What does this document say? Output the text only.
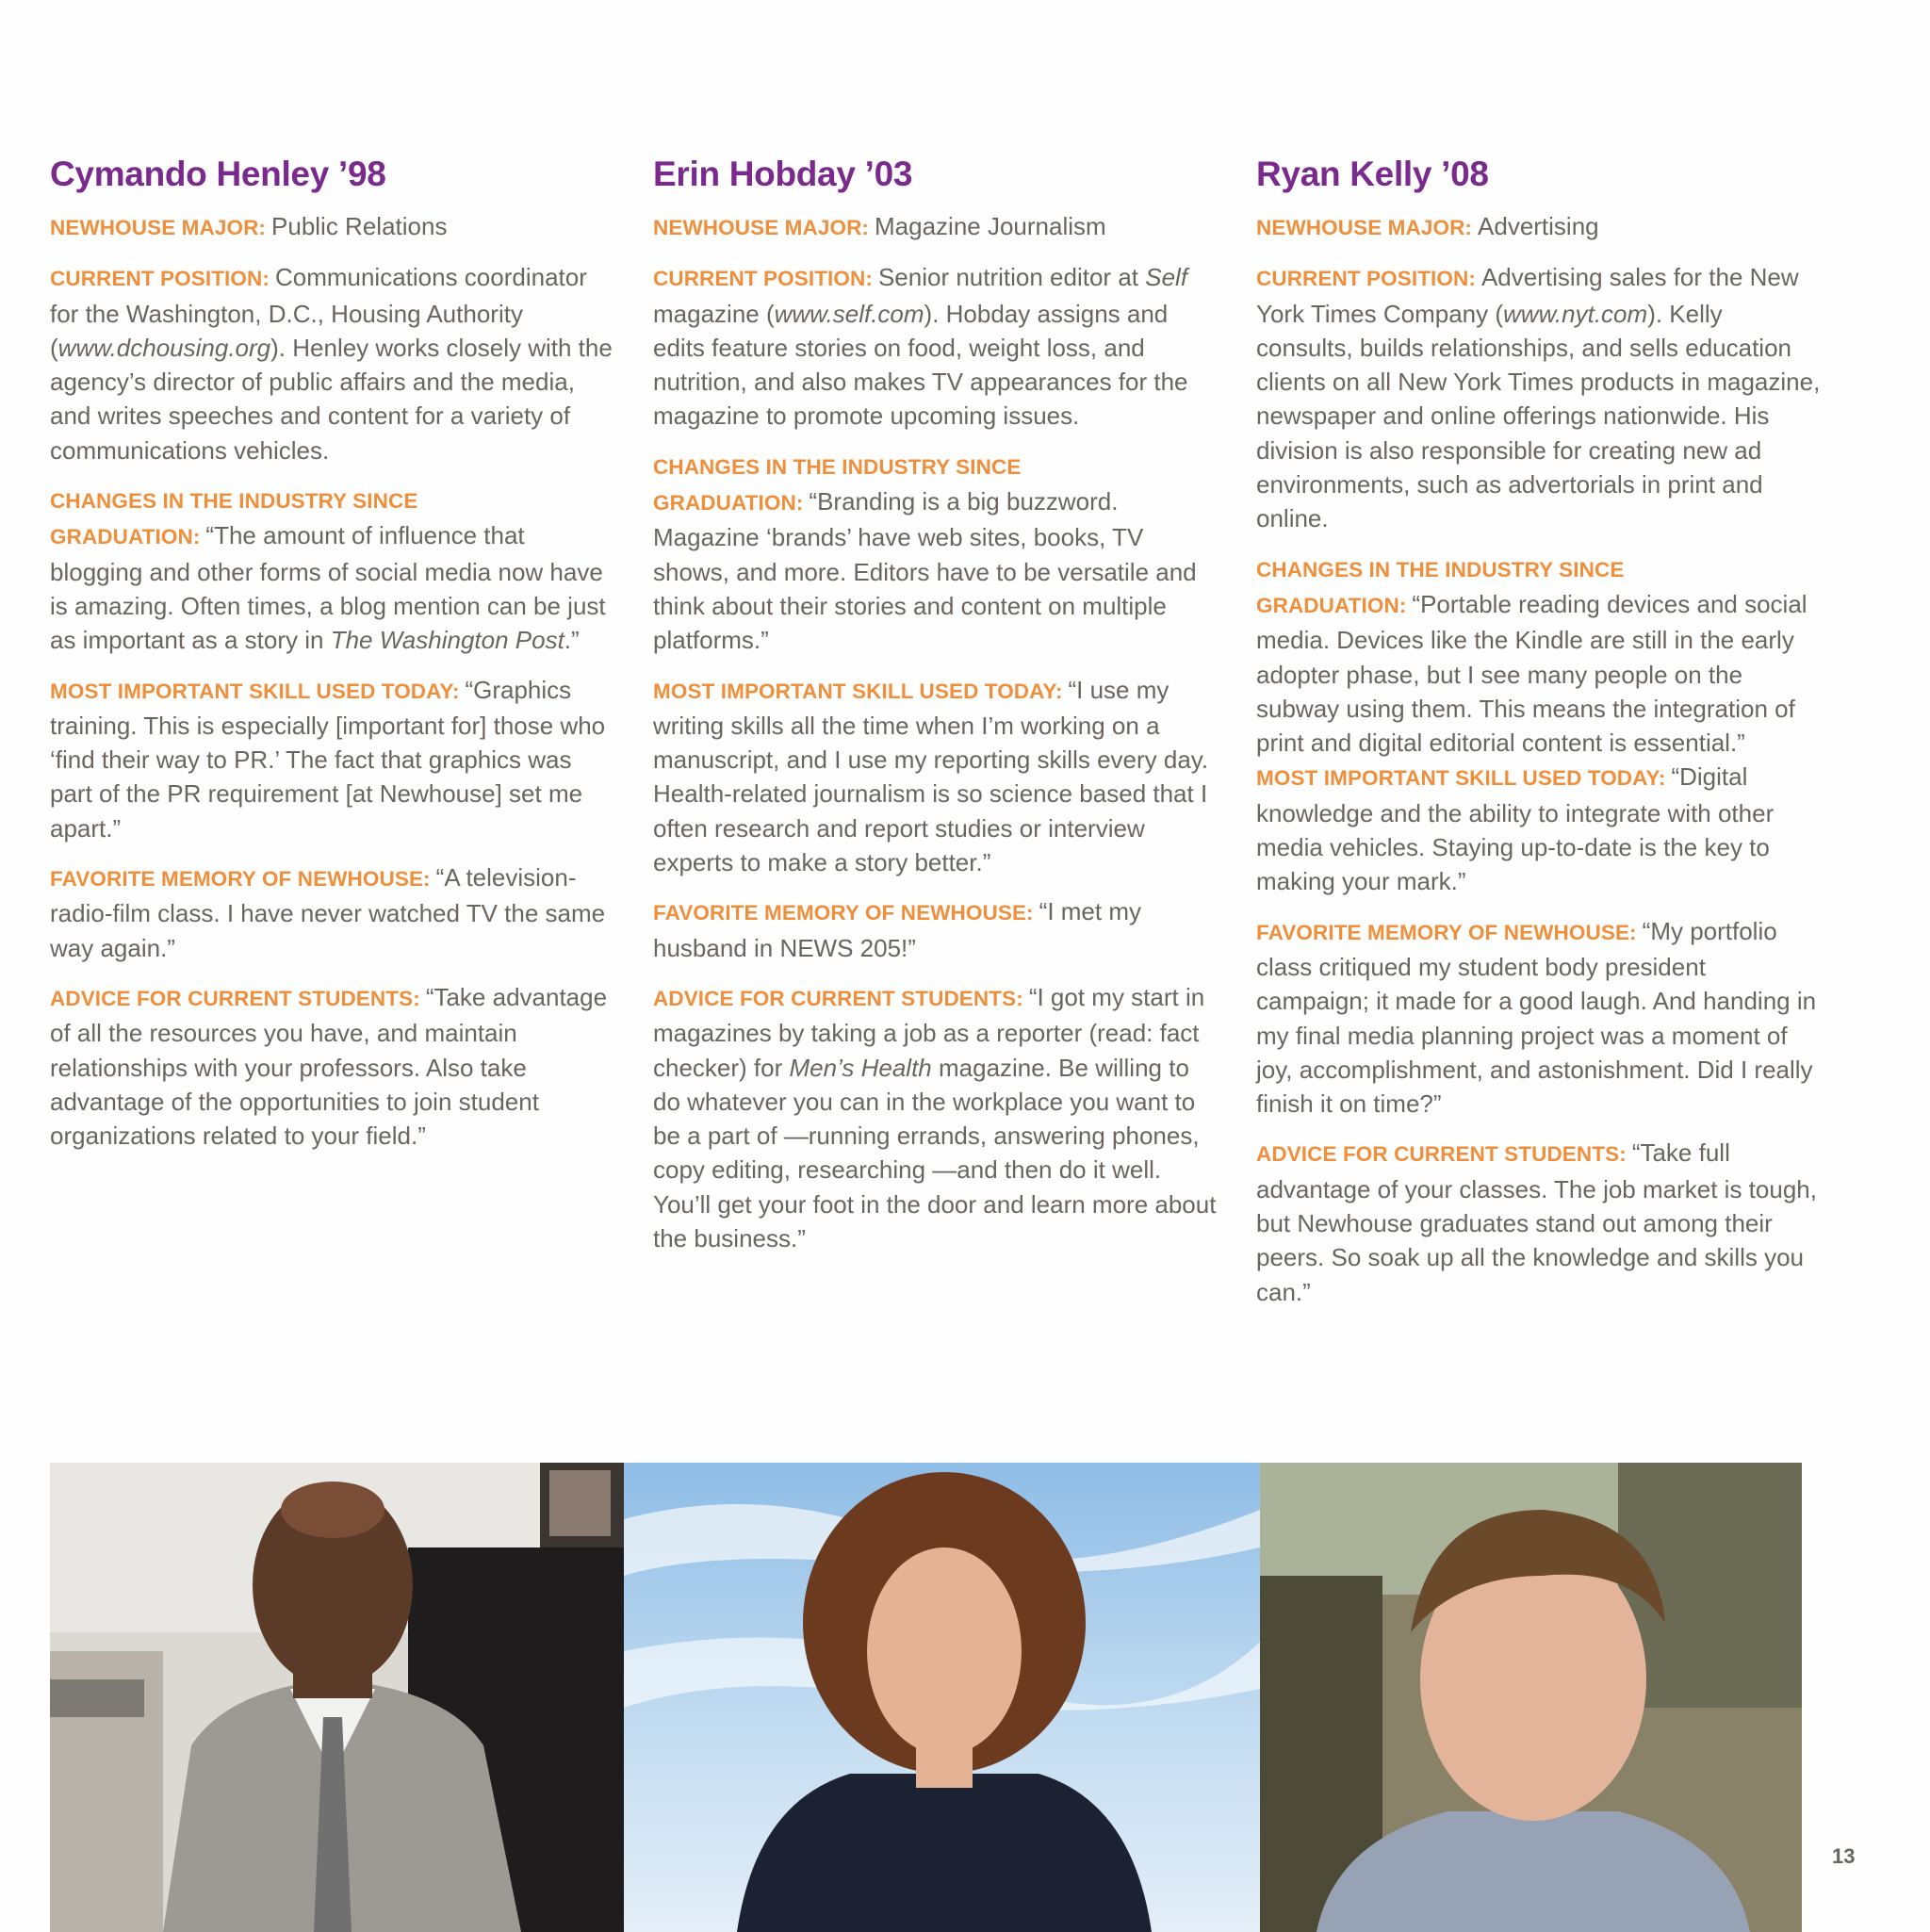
Cymando Henley ’98

NEWHOUSE MAJOR: Public Relations

CURRENT POSITION: Communications coordinator for the Washington, D.C., Housing Authority (www.dchousing.org). Henley works closely with the agency’s director of public affairs and the media, and writes speeches and content for a variety of communications vehicles.

CHANGES IN THE INDUSTRY SINCE GRADUATION: “The amount of influence that blogging and other forms of social media now have is amazing. Often times, a blog mention can be just as important as a story in The Washington Post.”

MOST IMPORTANT SKILL USED TODAY: “Graphics training. This is especially [important for] those who ‘find their way to PR.’ The fact that graphics was part of the PR requirement [at Newhouse] set me apart.”

FAVORITE MEMORY OF NEWHOUSE: “A television-radio-film class. I have never watched TV the same way again.”

ADVICE FOR CURRENT STUDENTS: “Take advantage of all the resources you have, and maintain relationships with your professors. Also take advantage of the opportunities to join student organizations related to your field.”

Erin Hobday ’03

NEWHOUSE MAJOR: Magazine Journalism

CURRENT POSITION: Senior nutrition editor at Self magazine (www.self.com). Hobday assigns and edits feature stories on food, weight loss, and nutrition, and also makes TV appearances for the magazine to promote upcoming issues.

CHANGES IN THE INDUSTRY SINCE GRADUATION: “Branding is a big buzzword. Magazine ‘brands’ have web sites, books, TV shows, and more. Editors have to be versatile and think about their stories and content on multiple platforms.”

MOST IMPORTANT SKILL USED TODAY: “I use my writing skills all the time when I’m working on a manuscript, and I use my reporting skills every day. Health-related journalism is so science based that I often research and report studies or interview experts to make a story better.”

FAVORITE MEMORY OF NEWHOUSE: “I met my husband in NEWS 205!”

ADVICE FOR CURRENT STUDENTS: “I got my start in magazines by taking a job as a reporter (read: fact checker) for Men’s Health magazine. Be willing to do whatever you can in the workplace you want to be a part of —running errands, answering phones, copy editing, researching —and then do it well. You’ll get your foot in the door and learn more about the business.”

Ryan Kelly ’08

NEWHOUSE MAJOR: Advertising

CURRENT POSITION: Advertising sales for the New York Times Company (www.nyt.com). Kelly consults, builds relationships, and sells education clients on all New York Times products in magazine, newspaper and online offerings nationwide. His division is also responsible for creating new ad environments, such as advertorials in print and online.

CHANGES IN THE INDUSTRY SINCE GRADUATION: “Portable reading devices and social media. Devices like the Kindle are still in the early adopter phase, but I see many people on the subway using them. This means the integration of print and digital editorial content is essential.”

MOST IMPORTANT SKILL USED TODAY: “Digital knowledge and the ability to integrate with other media vehicles. Staying up-to-date is the key to making your mark.”

FAVORITE MEMORY OF NEWHOUSE: “My portfolio class critiqued my student body president campaign; it made for a good laugh. And handing in my final media planning project was a moment of joy, accomplishment, and astonishment. Did I really finish it on time?”

ADVICE FOR CURRENT STUDENTS: “Take full advantage of your classes. The job market is tough, but Newhouse graduates stand out among their peers. So soak up all the knowledge and skills you can.”

13
